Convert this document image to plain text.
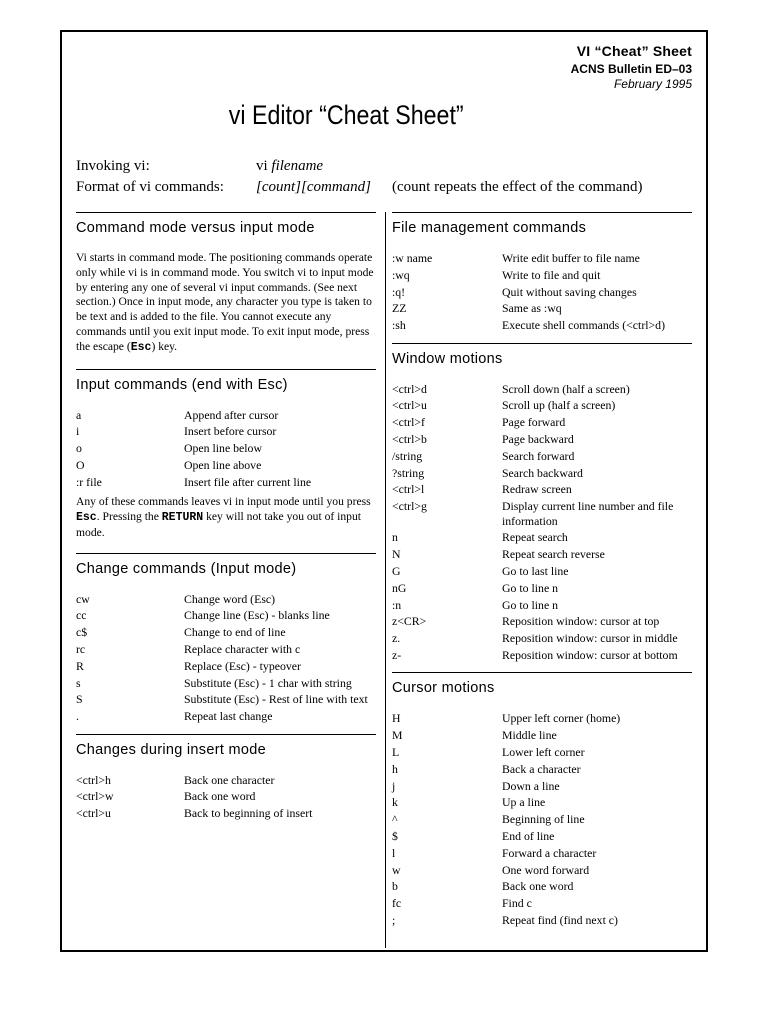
VI “Cheat” Sheet
ACNS Bulletin ED–03
February 1995
vi Editor “Cheat Sheet”
Invoking vi:	vi filename
Format of vi commands: [count][command] (count repeats the effect of the command)
Command mode versus input mode

Vi starts in command mode. The positioning commands operate only while vi is in command mode. You switch vi to input mode by entering any one of several vi input commands. (See next section.) Once in input mode, any character you type is taken to be text and is added to the file. You cannot execute any commands until you exit input mode. To exit input mode, press the escape (Esc) key.

Input commands (end with Esc)
a	Append after cursor
i	Insert before cursor
o	Open line below
O	Open line above
:r file	Insert file after current line

Any of these commands leaves vi in input mode until you press Esc. Pressing the RETURN key will not take you out of input mode.

Change commands (Input mode)
cw	Change word (Esc)
cc	Change line (Esc) - blanks line
c$	Change to end of line
rc	Replace character with c
R	Replace (Esc) - typeover
s	Substitute (Esc) - 1 char with string
S	Substitute (Esc) - Rest of line with text
.	Repeat last change
Changes during insert mode
<ctrl>h	Back one character
<ctrl>w	Back one word
<ctrl>u	Back to beginning of insert
File management commands
:w name	Write edit buffer to file name
:wq	Write to file and quit
:q!	Quit without saving changes
ZZ	Same as :wq
:sh	Execute shell commands (<ctrl>d)
Window motions
<ctrl>d	Scroll down (half a screen)
<ctrl>u	Scroll up (half a screen)
<ctrl>f	Page forward
<ctrl>b	Page backward
/string	Search forward
?string	Search backward
<ctrl>l	Redraw screen
<ctrl>g	Display current line number and file information
n	Repeat search
N	Repeat search reverse
G	Go to last line
nG	Go to line n
:n	Go to line n
z<CR>	Reposition window: cursor at top
z.	Reposition window: cursor in middle
z-	Reposition window: cursor at bottom
Cursor motions
H	Upper left corner (home)
M	Middle line
L	Lower left corner
h	Back a character
j	Down a line
k	Up a line
^	Beginning of line
$	End of line
l	Forward a character
w	One word forward
b	Back one word
fc	Find c
;	Repeat find (find next c)
